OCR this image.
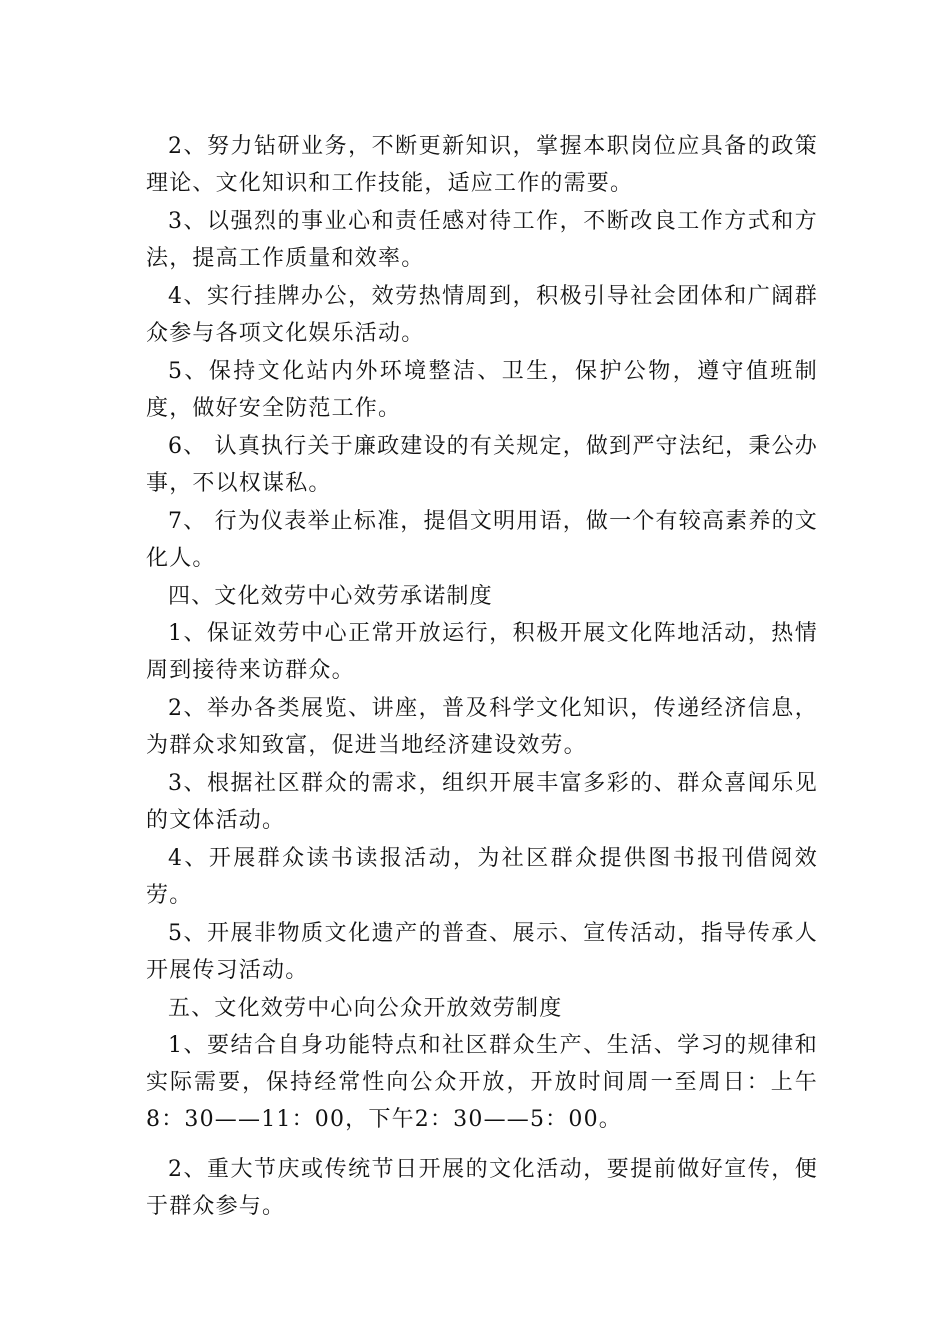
2、努力钻研业务，不断更新知识，掌握本职岗位应具备的政策理论、文化知识和工作技能，适应工作的需要。

3、以强烈的事业心和责任感对待工作，不断改良工作方式和方法，提高工作质量和效率。

4、实行挂牌办公，效劳热情周到，积极引导社会团体和广阔群众参与各项文化娱乐活动。

5、保持文化站内外环境整洁、卫生，保护公物，遵守值班制度，做好安全防范工作。

6、 认真执行关于廉政建设的有关规定，做到严守法纪，秉公办事，不以权谋私。

7、 行为仪表举止标准，提倡文明用语，做一个有较高素养的文化人。

四、文化效劳中心效劳承诺制度

1、保证效劳中心正常开放运行，积极开展文化阵地活动，热情周到接待来访群众。

2、举办各类展览、讲座，普及科学文化知识，传递经济信息，为群众求知致富，促进当地经济建设效劳。

3、根据社区群众的需求，组织开展丰富多彩的、群众喜闻乐见的文体活动。

4、开展群众读书读报活动，为社区群众提供图书报刊借阅效劳。

5、开展非物质文化遗产的普查、展示、宣传活动，指导传承人开展传习活动。

五、文化效劳中心向公众开放效劳制度

1、要结合自身功能特点和社区群众生产、生活、学习的规律和实际需要，保持经常性向公众开放，开放时间周一至周日：上午8：30——11：00，下午2：30——5：00。

2、重大节庆或传统节日开展的文化活动，要提前做好宣传，便于群众参与。
